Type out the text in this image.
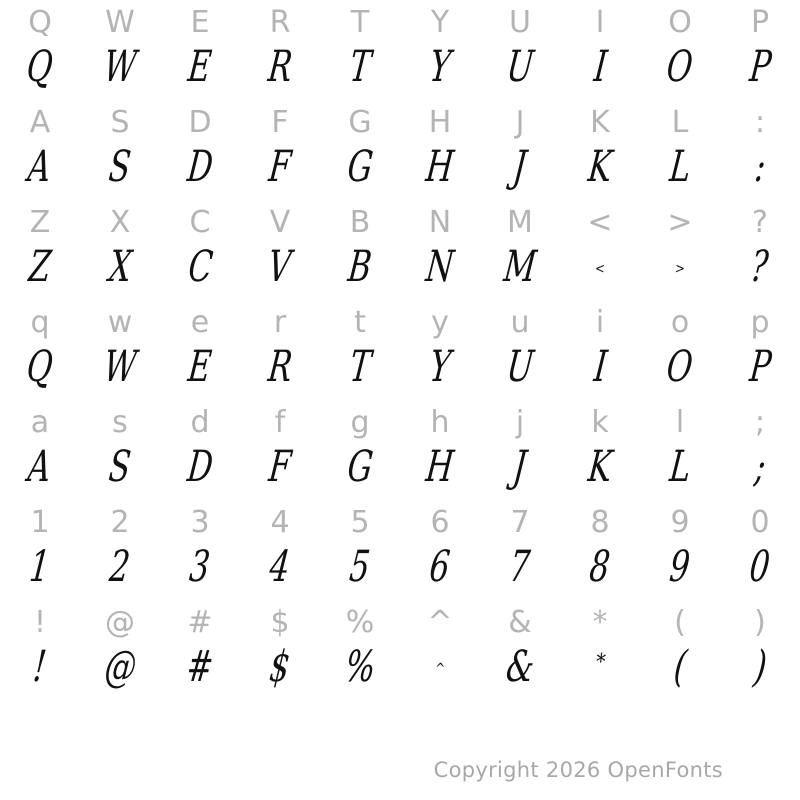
Q W E R T Y U I O P
Q W E R T Y U I O P
A S D F G H J K L :
A S D F G H J K L :
Z X C V B N M < > ?
Z X C V B N M	<	> ?
q w e r t y u i o p
Q W E R T Y U I O P
a s d f g h j k l ;
A S D F G H J K L ;
1 2 3 4 5 6 7 8 9 0
1 2 3 4 5 6 7 8 9 0
! @ # $ % ^ & * ( )
! @ # $ %	^ &	* ( )
Copyright 2026 OpenFonts
